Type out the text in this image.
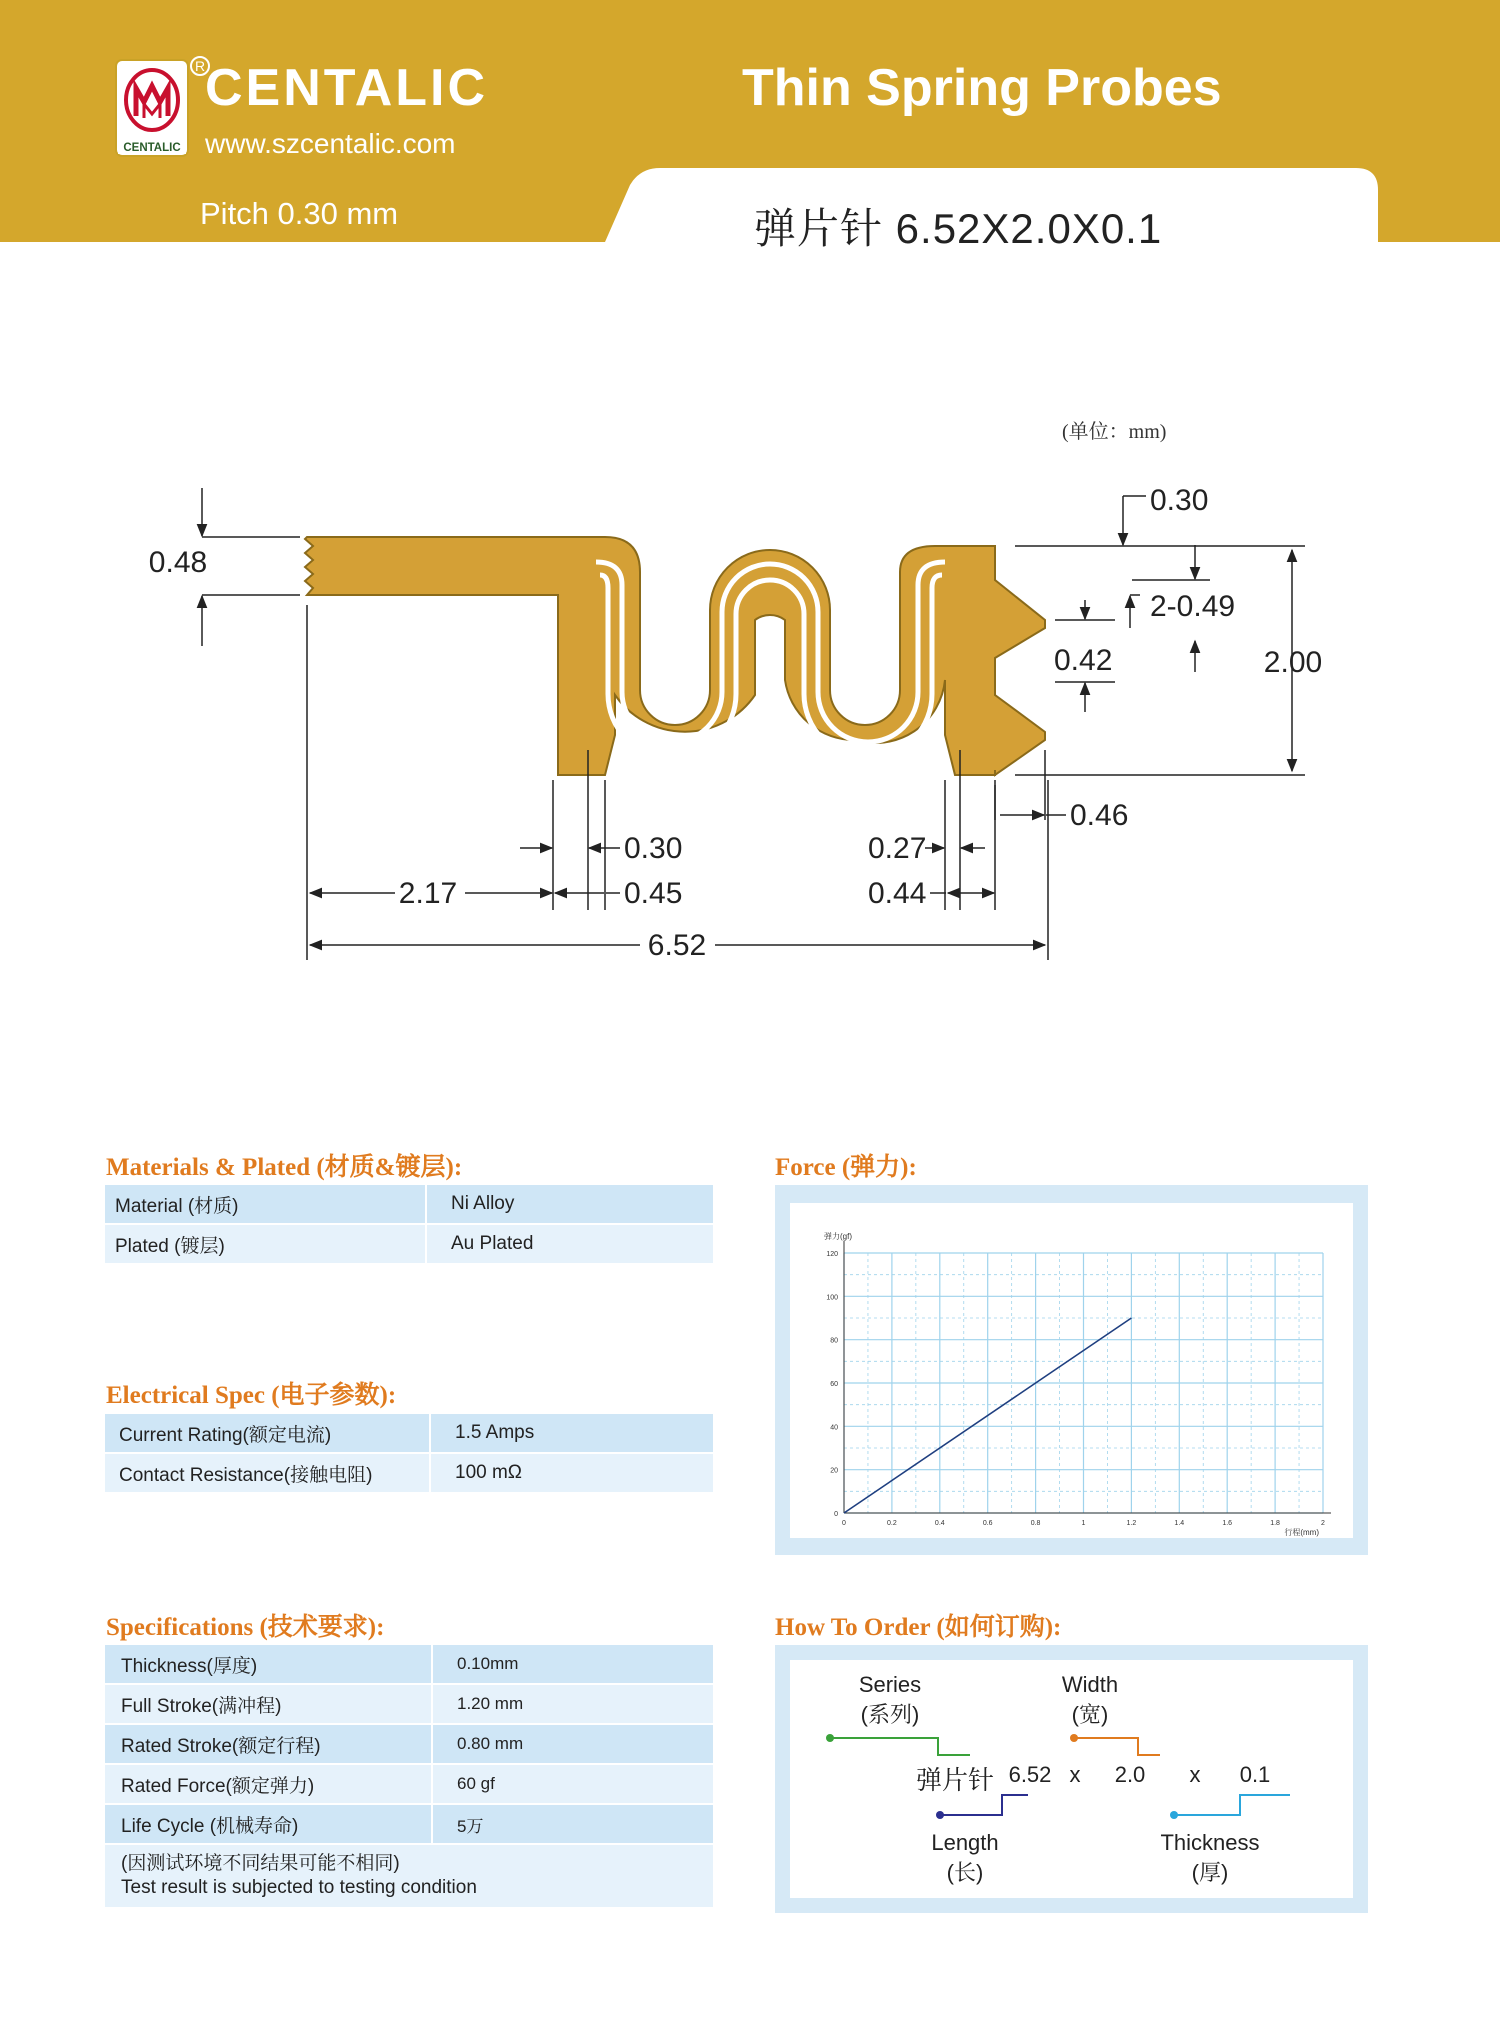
CENTALIC
R CENTALIC
www.szcentalic.com
Thin Spring Probes
Pitch 0.30 mm	弹片针 6.52X2.0X0.1
(单位：mm)
0.48
2.00
0.30
2-0.49
0.42
0.46
6.52
2.17
0.30
0.45
0.27
0.44
Materials & Plated (材质&镀层):
Material (材质)	Ni Alloy
Plated (镀层)	Au Plated
Electrical Spec (电子参数):
Current Rating(额定电流)	1.5 Amps
Contact Resistance(接触电阻)	100 mΩ
Specifications (技术要求):
Thickness(厚度)	0.10mm
Full Stroke(满冲程)	1.20 mm
Rated Stroke(额定行程)	0.80 mm
Rated Force(额定弹力)	60 gf
Life Cycle (机械寿命)	5万

(因测试环境不同结果可能不相同)
Test result is subjected to testing condition	
Force (弹力):
0	0.2	0.4	0.6	0.8	1	1.2	1.4	1.6	1.8	2
0
20
40
60
80
100
120
弹力(gf)
行程(mm)
How To Order (如何订购):
Series
(系列)
Width
(宽)
弹片针 6.52 x	2.0	x	0.1
Length
(长)
Thickness
(厚)
